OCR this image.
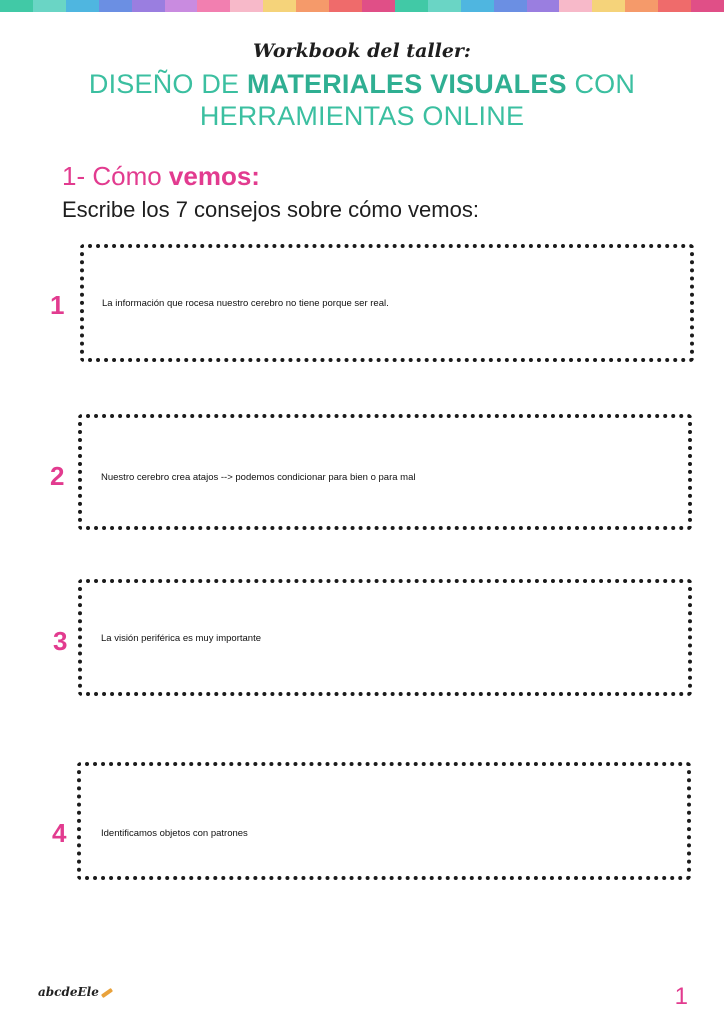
Workbook del taller:
DISEÑO DE MATERIALES VISUALES CON HERRAMIENTAS ONLINE
1- Cómo vemos:
Escribe los 7 consejos sobre cómo vemos:
1	La información que rocesa nuestro cerebro no tiene porque ser real.
2	Nuestro cerebro crea atajos --> podemos condicionar para bien o para mal
3	La visión periférica es muy importante
4	Identificamos objetos con patrones
abcdeEle	1
